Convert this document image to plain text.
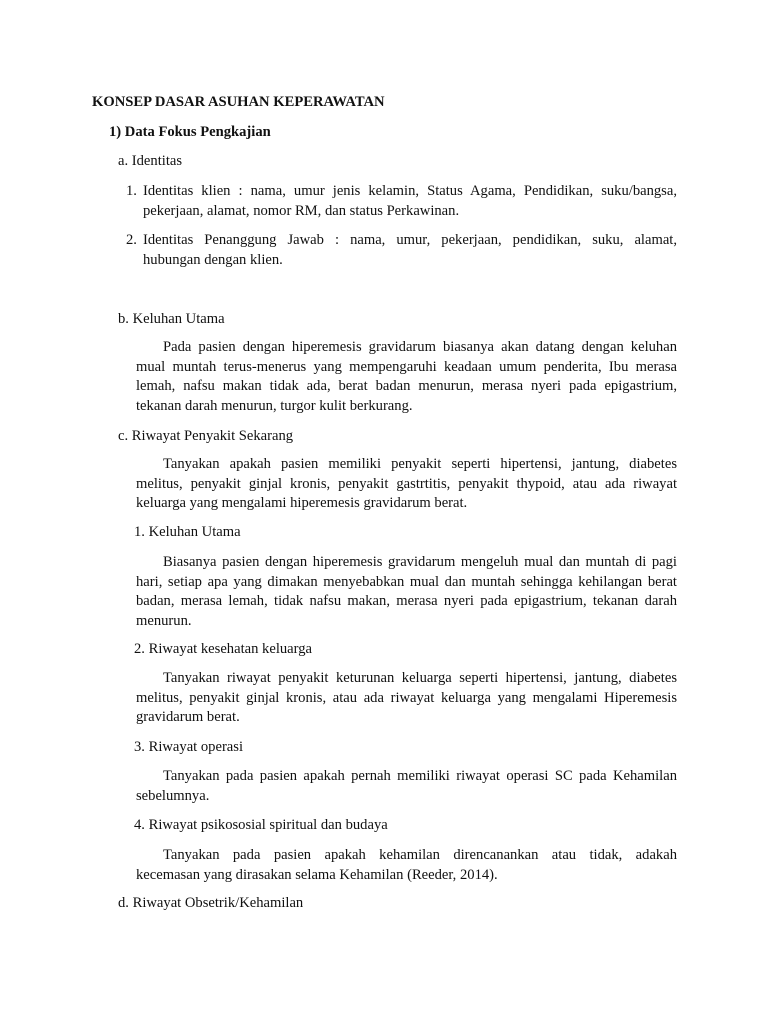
KONSEP DASAR ASUHAN KEPERAWATAN

1) Data Fokus Pengkajian

a. Identitas

1. Identitas klien : nama, umur jenis kelamin, Status Agama, Pendidikan, suku/bangsa,
pekerjaan, alamat, nomor RM, dan status Perkawinan.

2. Identitas Penanggung Jawab : nama, umur, pekerjaan, pendidikan, suku, alamat,
hubungan dengan klien.

b. Keluhan Utama

Pada pasien dengan hiperemesis gravidarum biasanya akan datang dengan keluhan
mual muntah terus-menerus yang mempengaruhi keadaan umum penderita, Ibu merasa
lemah, nafsu makan tidak ada, berat badan menurun, merasa nyeri pada epigastrium,
tekanan darah menurun, turgor kulit berkurang.

c. Riwayat Penyakit Sekarang

Tanyakan apakah pasien memiliki penyakit seperti hipertensi, jantung, diabetes
melitus, penyakit ginjal kronis, penyakit gastrtitis, penyakit thypoid, atau ada riwayat
keluarga yang mengalami hiperemesis gravidarum berat.

1. Keluhan Utama

Biasanya pasien dengan hiperemesis gravidarum mengeluh mual dan muntah di pagi
hari, setiap apa yang dimakan menyebabkan mual dan muntah sehingga kehilangan berat
badan, merasa lemah, tidak nafsu makan, merasa nyeri pada epigastrium, tekanan darah
menurun.

2. Riwayat kesehatan keluarga

Tanyakan riwayat penyakit keturunan keluarga seperti hipertensi, jantung, diabetes
melitus, penyakit ginjal kronis, atau ada riwayat keluarga yang mengalami Hiperemesis
gravidarum berat.

3. Riwayat operasi

Tanyakan pada pasien apakah pernah memiliki riwayat operasi SC pada Kehamilan
sebelumnya.

4. Riwayat psikososial spiritual dan budaya

Tanyakan pada pasien apakah kehamilan direncanankan atau tidak, adakah
kecemasan yang dirasakan selama Kehamilan (Reeder, 2014).

d. Riwayat Obsetrik/Kehamilan
